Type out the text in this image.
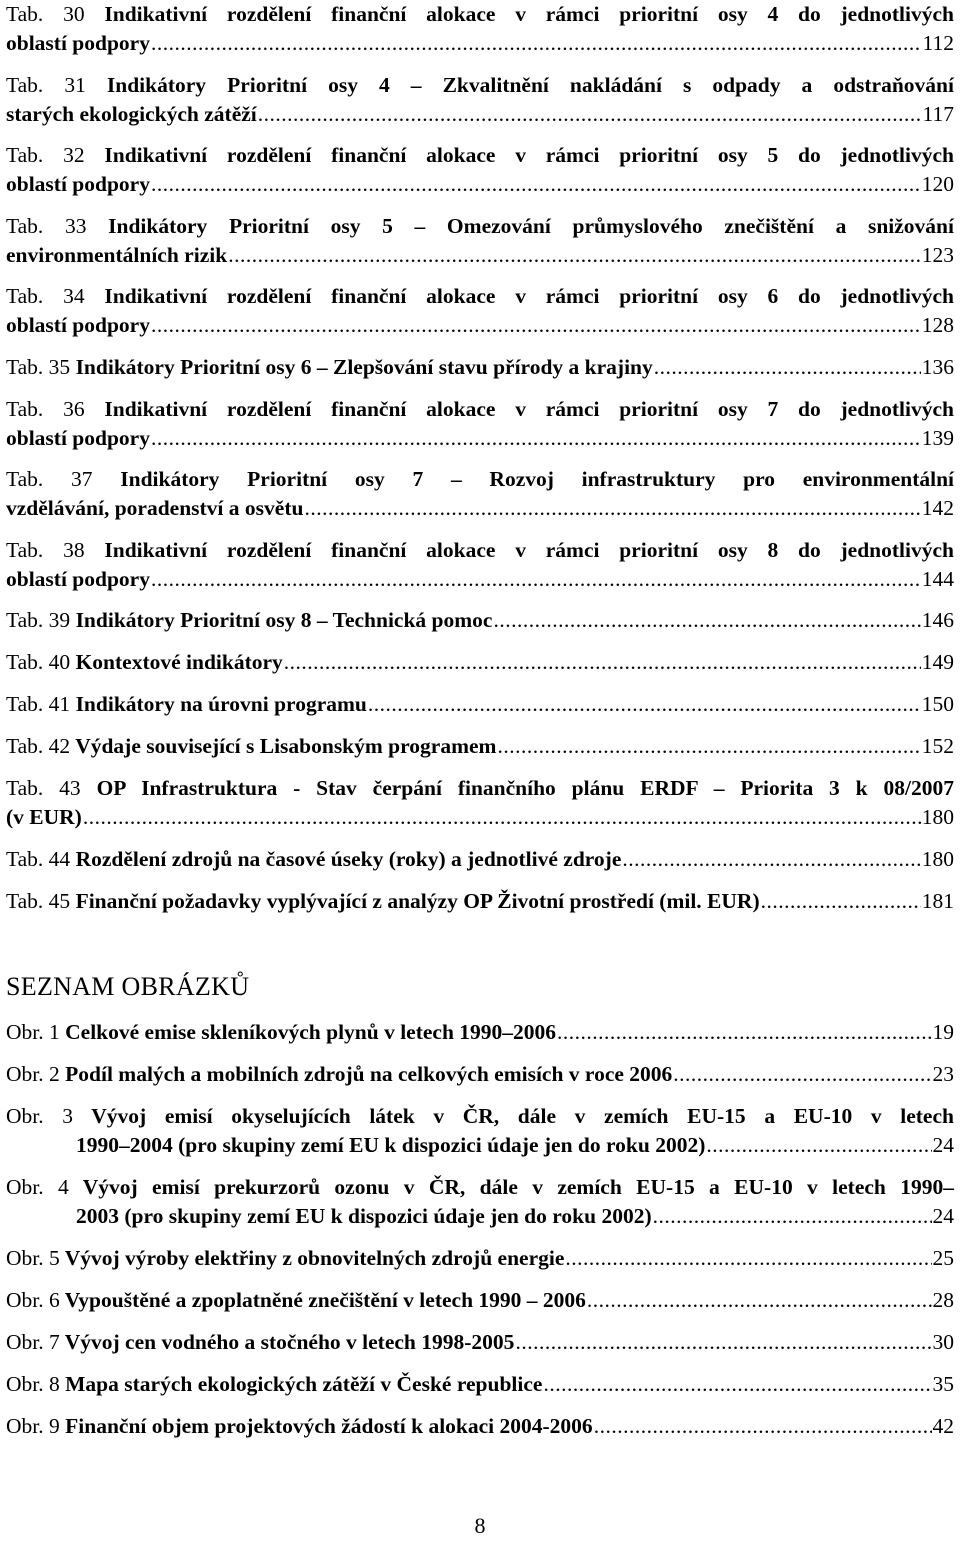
Tab. 30 Indikativní rozdělení finanční alokace v rámci prioritní osy 4 do jednotlivých
oblastí podpory .....	112
Tab. 31 Indikátory Prioritní osy 4 – Zkvalitnění nakládání s odpady a odstraňování
starých ekologických zátěží .....	117
Tab. 32 Indikativní rozdělení finanční alokace v rámci prioritní osy 5 do jednotlivých
oblastí podpory .....	120
Tab. 33 Indikátory Prioritní osy 5 – Omezování průmyslového znečištění a snižování
environmentálních rizik .....	123
Tab. 34 Indikativní rozdělení finanční alokace v rámci prioritní osy 6 do jednotlivých
oblastí podpory .....	128
Tab. 35 Indikátory Prioritní osy 6 – Zlepšování stavu přírody a krajiny .....	136
Tab. 36 Indikativní rozdělení finanční alokace v rámci prioritní osy 7 do jednotlivých
oblastí podpory .....	139
Tab. 37 Indikátory Prioritní osy 7 – Rozvoj infrastruktury pro environmentální
vzdělávání, poradenství a osvětu .....	142
Tab. 38 Indikativní rozdělení finanční alokace v rámci prioritní osy 8 do jednotlivých
oblastí podpory .....	144
Tab. 39 Indikátory Prioritní osy 8 – Technická pomoc .....	146
Tab. 40 Kontextové indikátory .....	149
Tab. 41 Indikátory na úrovni programu .....	150
Tab. 42 Výdaje související s Lisabonským programem .....	152
Tab. 43 OP Infrastruktura - Stav čerpání finančního plánu ERDF – Priorita 3 k 08/2007
(v EUR) .....	180
Tab. 44 Rozdělení zdrojů na časové úseky (roky) a jednotlivé zdroje .....	180
Tab. 45 Finanční požadavky vyplývající z analýzy OP Životní prostředí (mil. EUR) .....	181
SEZNAM OBRÁZKŮ
Obr. 1 Celkové emise skleníkových plynů v letech 1990–2006 .....	19
Obr. 2 Podíl malých a mobilních zdrojů na celkových emisích v roce 2006 .....	23
Obr. 3 Vývoj emisí okyselujících látek v ČR, dále v zemích EU-15 a EU-10 v letech
1990–2004 (pro skupiny zemí EU k dispozici údaje jen do roku 2002) .....	24
Obr. 4 Vývoj emisí prekurzorů ozonu v ČR, dále v zemích EU-15 a EU-10 v letech 1990–
2003 (pro skupiny zemí EU k dispozici údaje jen do roku 2002) .....	24
Obr. 5 Vývoj výroby elektřiny z obnovitelných zdrojů energie .....	25
Obr. 6 Vypouštěné a zpoplatněné znečištění v letech 1990 – 2006 .....	28
Obr. 7 Vývoj cen vodného a stočného v letech 1998-2005 .....	30
Obr. 8 Mapa starých ekologických zátěží v České republice .....	35
Obr. 9 Finanční objem projektových žádostí k alokaci 2004-2006 .....	42
8
